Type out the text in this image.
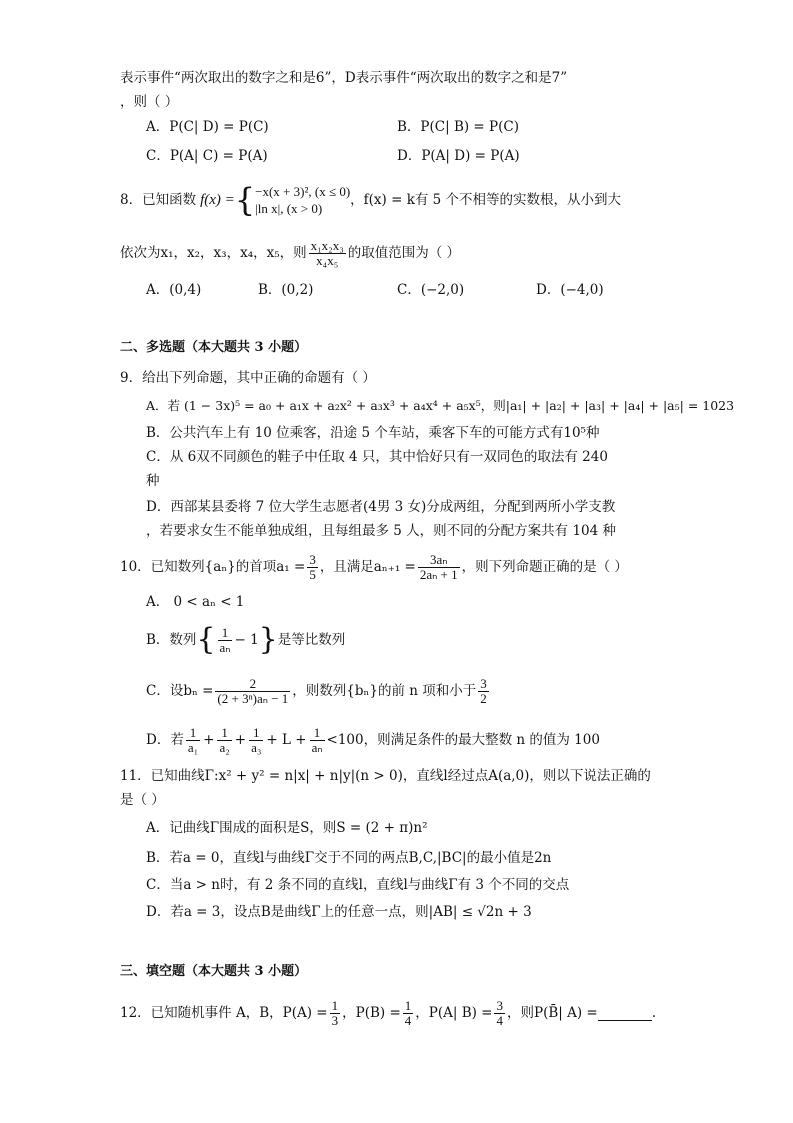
表示事件“两次取出的数字之和是6”，D表示事件“两次取出的数字之和是7”
，则（ ）
A．P(C| D) = P(C)	B．P(C| B) = P(C)
C．P(A| C) = P(A)	D．P(A| D) = P(A)
8．已知函数 f(x) = { −x(x + 3)², (x ≤ 0)
|ln x|, (x > 0)
，f(x) = k有 5 个不相等的实数根，从小到大
依次为x₁，x₂，x₃，x₄，x₅，则 $\frac{\text{x₁x₂x₃}}{\text{x₄x₅}}$ 的取值范围为（ ）
A．(0,4)	B．(0,2)	C．(−2,0)	D．(−4,0)
二、多选题（本大题共 3 小题）
9．给出下列命题，其中正确的命题有（ ）
A．若 (1 − 3x)⁵ = a₀ + a₁x + a₂x² + a₃x³ + a₄x⁴ + a₅x⁵，则|a₁| + |a₂| + |a₃| + |a₄| + |a₅| = 1023
B．公共汽车上有 10 位乘客，沿途 5 个车站，乘客下车的可能方式有10⁵种
C．从 6双不同颜色的鞋子中任取 4 只，其中恰好只有一双同色的取法有 240
种
D．西部某县委将 7 位大学生志愿者(4男 3 女)分成两组，分配到两所小学支教
，若要求女生不能单独成组，且每组最多 5 人，则不同的分配方案共有 104 种
10．已知数列{aₙ}的首项$a_1 = \frac{3}{5}$ ，且满足$a_{n+1} = \frac{\text{3aₙ}}{\text{2aₙ + 1}}$ ，则下列命题正确的是（ ）
A． 0 < aₙ < 1
B．数列 { $\frac{1}{\text{aₙ}} - 1$ } 是等比数列
C．设$b_n = \frac{2}{\text{(2 + 3ⁿ)aₙ − 1}}$ ，则数列{bₙ}的前 n 项和小于 $\frac{3}{2}$
D．若 $\frac{1}{\text{a₁}} + \frac{1}{\text{a₂}} + \frac{1}{\text{a₃}} + L + \frac{1}{\text{aₙ}} <100$，则满足条件的最大整数 n 的值为 100
11．已知曲线Γ:x² + y² = n|x| + n|y|(n > 0)，直线l经过点A(a,0)，则以下说法正确的
是（ ）
A．记曲线Γ围成的面积是S，则S = (2 + π)n²
B．若a = 0，直线l与曲线Γ交于不同的两点B,C,|BC|的最小值是2n
C．当a > n时，有 2 条不同的直线l，直线l与曲线Γ有 3 个不同的交点
D．若a = 3，设点B是曲线Γ上的任意一点，则|AB| ≤ √2n + 3
三、填空题（本大题共 3 小题）
12．已知随机事件 A，B，$P(A) = \frac{1}{3}$ ，$P(B) = \frac{1}{4}$ ，P(A| $B) = \frac{3}{4}$ ，则P(B̄| A) =	.
